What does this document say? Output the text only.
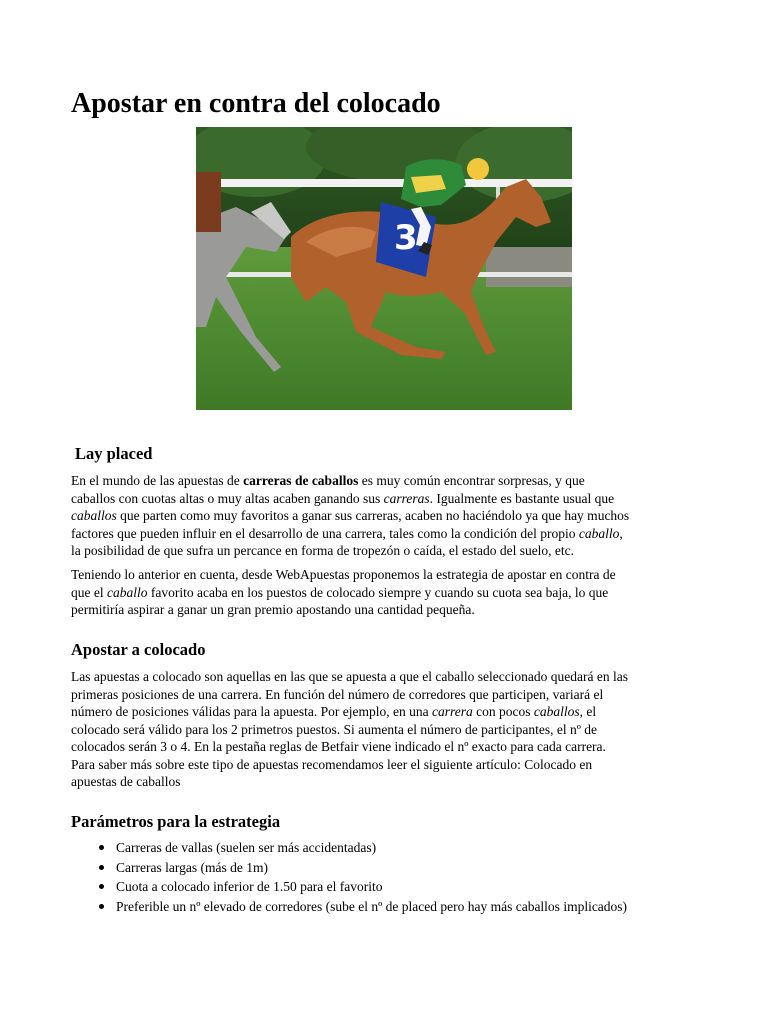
Apostar en contra del colocado
3
Lay placed

En el mundo de las apuestas de carreras de caballos es muy común encontrar sorpresas, y que
caballos con cuotas altas o muy altas acaben ganando sus carreras. Igualmente es bastante usual que
caballos que parten como muy favoritos a ganar sus carreras, acaben no haciéndolo ya que hay muchos
factores que pueden influir en el desarrollo de una carrera, tales como la condición del propio caballo,
la posibilidad de que sufra un percance en forma de tropezón o caída, el estado del suelo, etc.

Teniendo lo anterior en cuenta, desde WebApuestas proponemos la estrategia de apostar en contra de
que el caballo favorito acaba en los puestos de colocado siempre y cuando su cuota sea baja, lo que
permitiría aspirar a ganar un gran premio apostando una cantidad pequeña.

Apostar a colocado

Las apuestas a colocado son aquellas en las que se apuesta a que el caballo seleccionado quedará en las
primeras posiciones de una carrera. En función del número de corredores que participen, variará el
número de posiciones válidas para la apuesta. Por ejemplo, en una carrera con pocos caballos, el
colocado será válido para los 2 primetros puestos. Si aumenta el número de participantes, el nº de
colocados serán 3 o 4. En la pestaña reglas de Betfair viene indicado el nº exacto para cada carrera.
Para saber más sobre este tipo de apuestas recomendamos leer el siguiente artículo: Colocado en
apuestas de caballos

Parámetros para la estrategia
Carreras de vallas (suelen ser más accidentadas)
Carreras largas (más de 1m)
Cuota a colocado inferior de 1.50 para el favorito
Preferible un nº elevado de corredores (sube el nº de placed pero hay más caballos implicados)
